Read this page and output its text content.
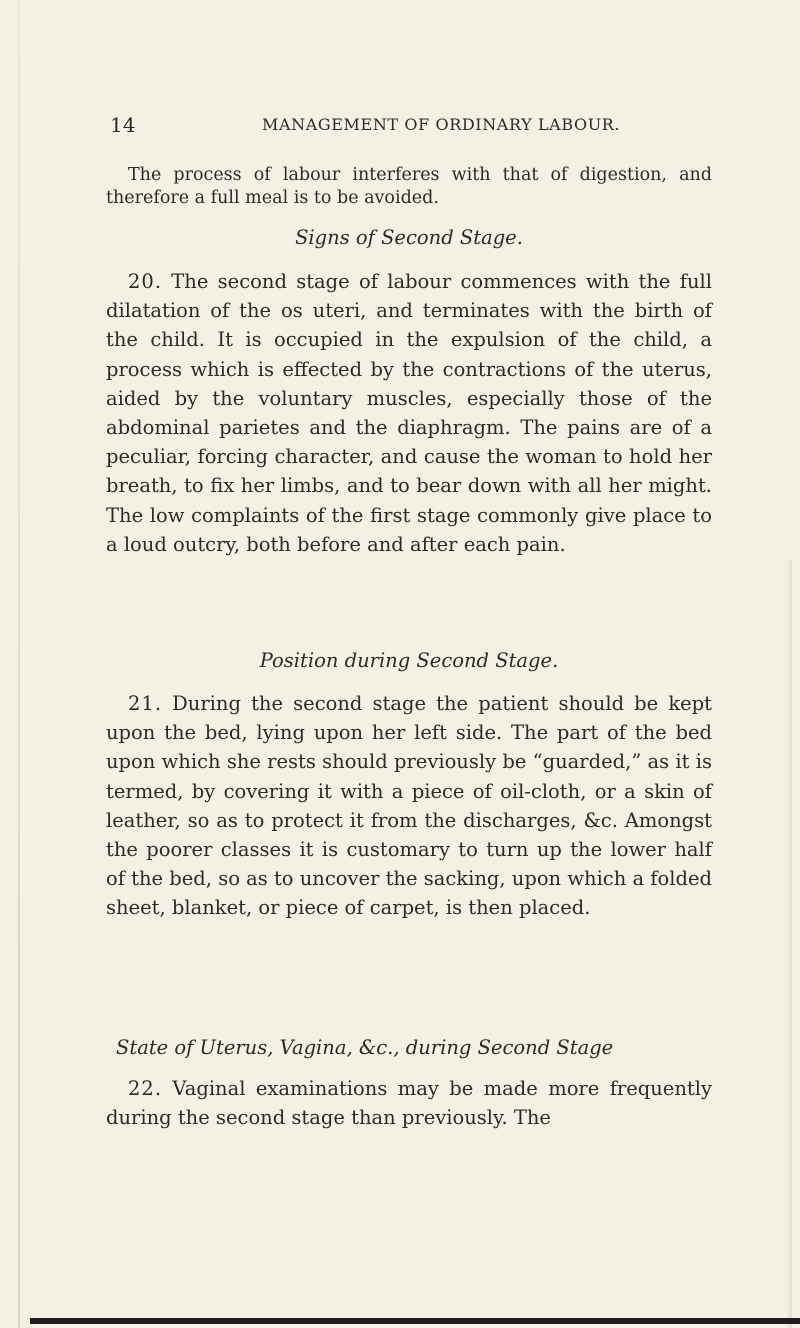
14	MANAGEMENT OF ORDINARY LABOUR.

The process of labour interferes with that of digestion, and therefore a full meal is to be avoided.

Signs of Second Stage.

20. The second stage of labour commences with the full dilatation of the os uteri, and terminates with the birth of the child. It is occupied in the expulsion of the child, a process which is effected by the contractions of the uterus, aided by the voluntary muscles, especially those of the abdominal parietes and the diaphragm. The pains are of a peculiar, forcing character, and cause the woman to hold her breath, to fix her limbs, and to bear down with all her might. The low complaints of the first stage commonly give place to a loud outcry, both before and after each pain.

Position during Second Stage.

21. During the second stage the patient should be kept upon the bed, lying upon her left side. The part of the bed upon which she rests should previously be “guarded,” as it is termed, by covering it with a piece of oil-cloth, or a skin of leather, so as to protect it from the discharges, &c. Amongst the poorer classes it is customary to turn up the lower half of the bed, so as to uncover the sacking, upon which a folded sheet, blanket, or piece of carpet, is then placed.

State of Uterus, Vagina, &c., during Second Stage

22. Vaginal examinations may be made more frequently during the second stage than previously. The
